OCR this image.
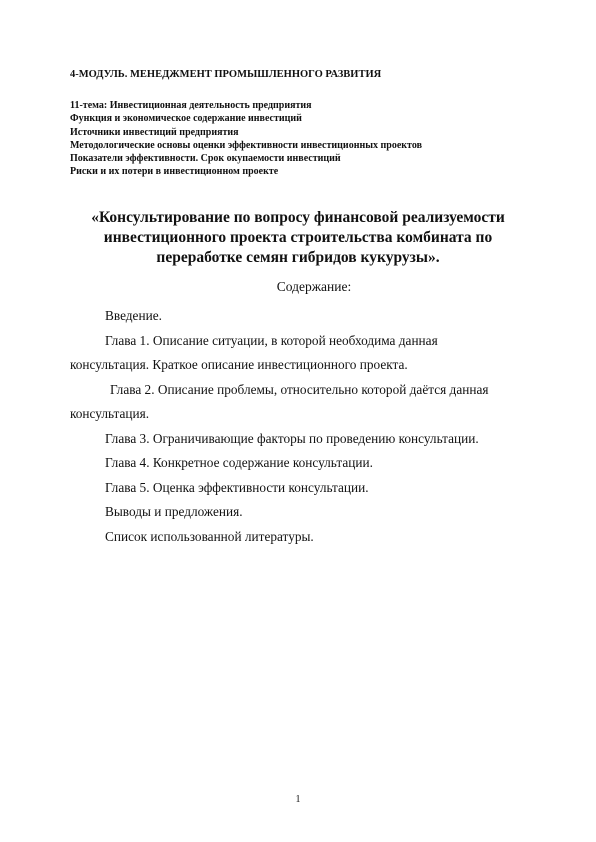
4-МОДУЛЬ. МЕНЕДЖМЕНТ ПРОМЫШЛЕННОГО РАЗВИТИЯ
11-тема: Инвестиционная деятельность предприятия
Функция и экономическое содержание инвестиций
Источники инвестиций предприятия
Методологические основы оценки эффективности инвестиционных проектов
Показатели эффективности. Срок окупаемости инвестиций
Риски и их потери в инвестиционном проекте
«Консультирование по вопросу финансовой реализуемости
инвестиционного проекта строительства комбината по
переработке семян гибридов кукурузы».
Содержание:
Введение.
Глава 1. Описание ситуации, в которой необходима данная
консультация. Краткое описание инвестиционного проекта.
Глава 2. Описание проблемы, относительно которой даётся данная
консультация.
Глава 3. Ограничивающие факторы по проведению консультации.
Глава 4. Конкретное содержание консультации.
Глава 5. Оценка эффективности консультации.
Выводы и предложения.
Список использованной литературы.
1
